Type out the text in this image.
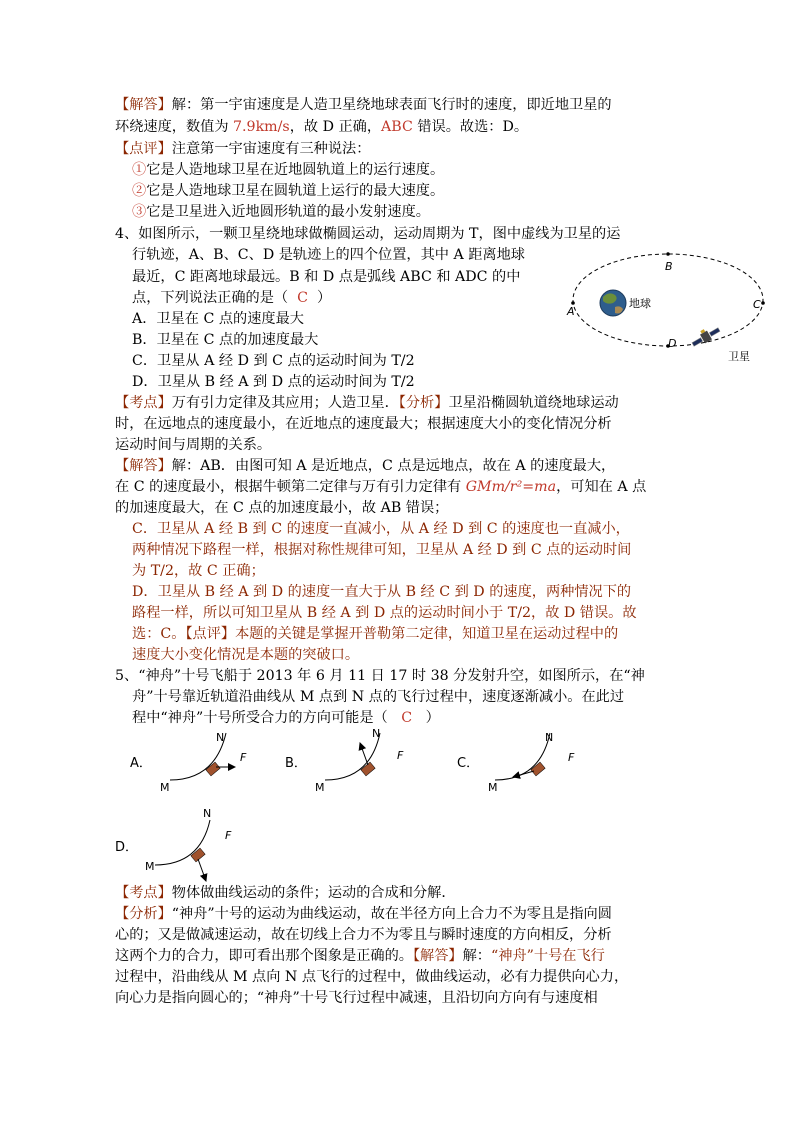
【解答】解：第一宇宙速度是人造卫星绕地球表面飞行时的速度，即近地卫星的
环绕速度，数值为 7.9km/s，故 D 正确，ABC 错误。故选：D。
【点评】注意第一宇宙速度有三种说法：
①它是人造地球卫星在近地圆轨道上的运行速度。
②它是人造地球卫星在圆轨道上运行的最大速度。
③它是卫星进入近地圆形轨道的最小发射速度。
4、如图所示，一颗卫星绕地球做椭圆运动，运动周期为 T，图中虚线为卫星的运
行轨迹，A、B、C、D 是轨迹上的四个位置，其中 A 距离地球
最近，C 距离地球最远。B 和 D 点是弧线 ABC 和 ADC 的中
点，下列说法正确的是（ C ）
A．卫星在 C 点的速度最大
B．卫星在 C 点的加速度最大
C．卫星从 A 经 D 到 C 点的运动时间为 T/2
D．卫星从 B 经 A 到 D 点的运动时间为 T/2
地球
A
B
C
D
卫星
【考点】万有引力定律及其应用；人造卫星．【分析】卫星沿椭圆轨道绕地球运动
时，在远地点的速度最小，在近地点的速度最大；根据速度大小的变化情况分析
运动时间与周期的关系。
【解答】解：AB．由图可知 A 是近地点，C 点是远地点，故在 A 的速度最大，
在 C 的速度最小，根据牛顿第二定律与万有引力定律有 GMm/r²=ma，可知在 A 点
的加速度最大，在 C 点的加速度最小，故 AB 错误；
C．卫星从 A 经 B 到 C 的速度一直减小，从 A 经 D 到 C 的速度也一直减小，
两种情况下路程一样，根据对称性规律可知，卫星从 A 经 D 到 C 点的运动时间
为 T/2，故 C 正确；
D．卫星从 B 经 A 到 D 的速度一直大于从 B 经 C 到 D 的速度，两种情况下的
路程一样，所以可知卫星从 B 经 A 到 D 点的运动时间小于 T/2，故 D 错误。故
选：C。【点评】本题的关键是掌握开普勒第二定律，知道卫星在运动过程中的
速度大小变化情况是本题的突破口。
5、“神舟”十号飞船于 2013 年 6 月 11 日 17 时 38 分发射升空，如图所示，在“神
舟”十号靠近轨道沿曲线从 M 点到 N 点的飞行过程中，速度逐渐减小。在此过
程中“神舟”十号所受合力的方向可能是（ C ）
A．
N
M
F	B．
N
M
F
C．
N
M
F
D．
N
M
F
【考点】物体做曲线运动的条件；运动的合成和分解．
【分析】“神舟”十号的运动为曲线运动，故在半径方向上合力不为零且是指向圆
心的；又是做减速运动，故在切线上合力不为零且与瞬时速度的方向相反，分析
这两个力的合力，即可看出那个图象是正确的。【解答】解：“神舟”十号在飞行
过程中，沿曲线从 M 点向 N 点飞行的过程中，做曲线运动，必有力提供向心力，
向心力是指向圆心的；“神舟”十号飞行过程中减速，且沿切向方向有与速度相
